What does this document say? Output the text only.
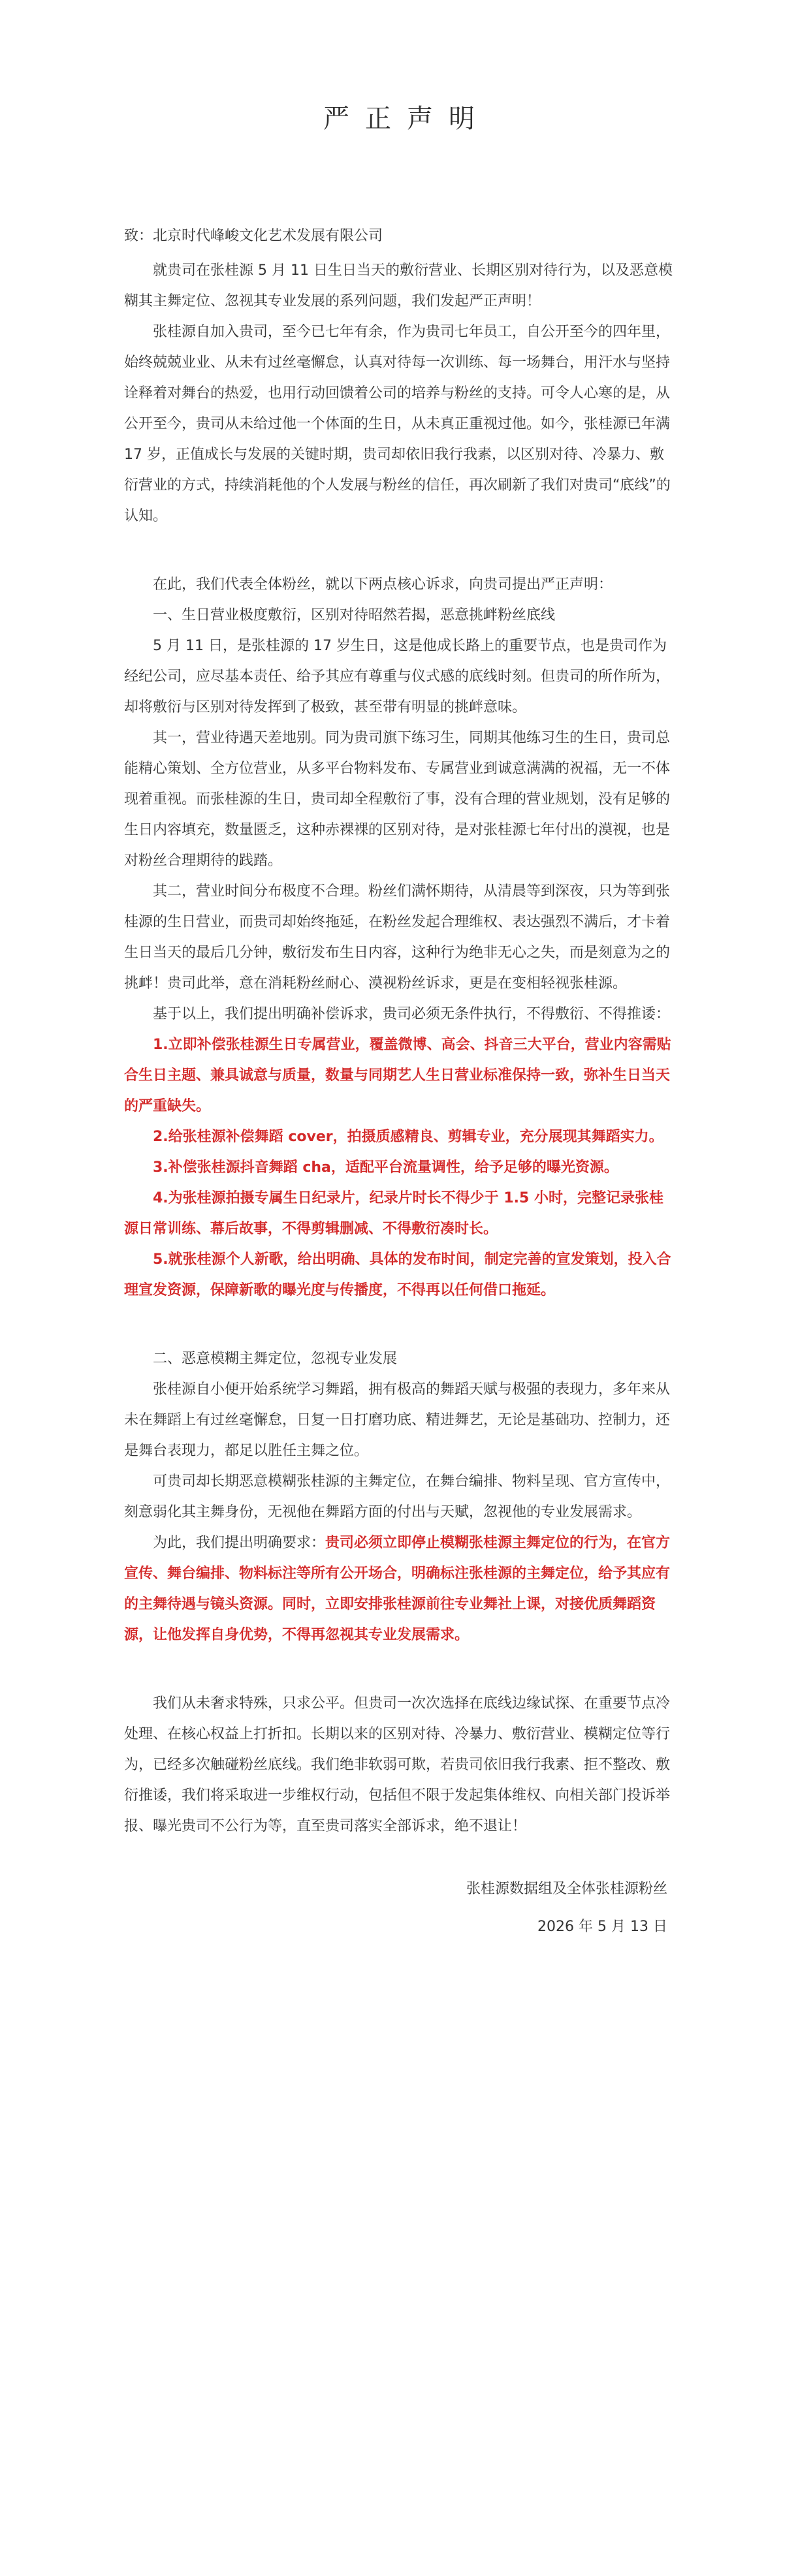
严正声明
致：北京时代峰峻文化艺术发展有限公司

就贵司在张桂源 5 月 11 日生日当天的敷衍营业、长期区别对待行为，以及恶意模糊其主舞定位、忽视其专业发展的系列问题，我们发起严正声明！

张桂源自加入贵司，至今已七年有余，作为贵司七年员工，自公开至今的四年里，始终兢兢业业、从未有过丝毫懈怠，认真对待每一次训练、每一场舞台，用汗水与坚持诠释着对舞台的热爱，也用行动回馈着公司的培养与粉丝的支持。可令人心寒的是，从公开至今，贵司从未给过他一个体面的生日，从未真正重视过他。如今，张桂源已年满 17 岁，正值成长与发展的关键时期，贵司却依旧我行我素，以区别对待、冷暴力、敷衍营业的方式，持续消耗他的个人发展与粉丝的信任，再次刷新了我们对贵司“底线”的认知。

在此，我们代表全体粉丝，就以下两点核心诉求，向贵司提出严正声明：

一、生日营业极度敷衍，区别对待昭然若揭，恶意挑衅粉丝底线

5 月 11 日，是张桂源的 17 岁生日，这是他成长路上的重要节点，也是贵司作为经纪公司，应尽基本责任、给予其应有尊重与仪式感的底线时刻。但贵司的所作所为，却将敷衍与区别对待发挥到了极致，甚至带有明显的挑衅意味。

其一，营业待遇天差地别。同为贵司旗下练习生，同期其他练习生的生日，贵司总能精心策划、全方位营业，从多平台物料发布、专属营业到诚意满满的祝福，无一不体现着重视。而张桂源的生日，贵司却全程敷衍了事，没有合理的营业规划，没有足够的生日内容填充，数量匮乏，这种赤裸裸的区别对待，是对张桂源七年付出的漠视，也是对粉丝合理期待的践踏。

其二，营业时间分布极度不合理。粉丝们满怀期待，从清晨等到深夜，只为等到张桂源的生日营业，而贵司却始终拖延，在粉丝发起合理维权、表达强烈不满后，才卡着生日当天的最后几分钟，敷衍发布生日内容，这种行为绝非无心之失，而是刻意为之的挑衅！贵司此举，意在消耗粉丝耐心、漠视粉丝诉求，更是在变相轻视张桂源。

基于以上，我们提出明确补偿诉求，贵司必须无条件执行，不得敷衍、不得推诿：

1.立即补偿张桂源生日专属营业，覆盖微博、高会、抖音三大平台，营业内容需贴合生日主题、兼具诚意与质量，数量与同期艺人生日营业标准保持一致，弥补生日当天的严重缺失。

2.给张桂源补偿舞蹈 cover，拍摄质感精良、剪辑专业，充分展现其舞蹈实力。

3.补偿张桂源抖音舞蹈 cha，适配平台流量调性，给予足够的曝光资源。

4.为张桂源拍摄专属生日纪录片，纪录片时长不得少于 1.5 小时，完整记录张桂源日常训练、幕后故事，不得剪辑删减、不得敷衍凑时长。

5.就张桂源个人新歌，给出明确、具体的发布时间，制定完善的宣发策划，投入合理宣发资源，保障新歌的曝光度与传播度，不得再以任何借口拖延。

二、恶意模糊主舞定位，忽视专业发展

张桂源自小便开始系统学习舞蹈，拥有极高的舞蹈天赋与极强的表现力，多年来从未在舞蹈上有过丝毫懈怠，日复一日打磨功底、精进舞艺，无论是基础功、控制力，还是舞台表现力，都足以胜任主舞之位。

可贵司却长期恶意模糊张桂源的主舞定位，在舞台编排、物料呈现、官方宣传中，刻意弱化其主舞身份，无视他在舞蹈方面的付出与天赋，忽视他的专业发展需求。

为此，我们提出明确要求：贵司必须立即停止模糊张桂源主舞定位的行为，在官方宣传、舞台编排、物料标注等所有公开场合，明确标注张桂源的主舞定位，给予其应有的主舞待遇与镜头资源。同时，立即安排张桂源前往专业舞社上课，对接优质舞蹈资源，让他发挥自身优势，不得再忽视其专业发展需求。

我们从未奢求特殊，只求公平。但贵司一次次选择在底线边缘试探、在重要节点冷处理、在核心权益上打折扣。长期以来的区别对待、冷暴力、敷衍营业、模糊定位等行为，已经多次触碰粉丝底线。我们绝非软弱可欺，若贵司依旧我行我素、拒不整改、敷衍推诿，我们将采取进一步维权行动，包括但不限于发起集体维权、向相关部门投诉举报、曝光贵司不公行为等，直至贵司落实全部诉求，绝不退让！

张桂源数据组及全体张桂源粉丝

2026 年 5 月 13 日
